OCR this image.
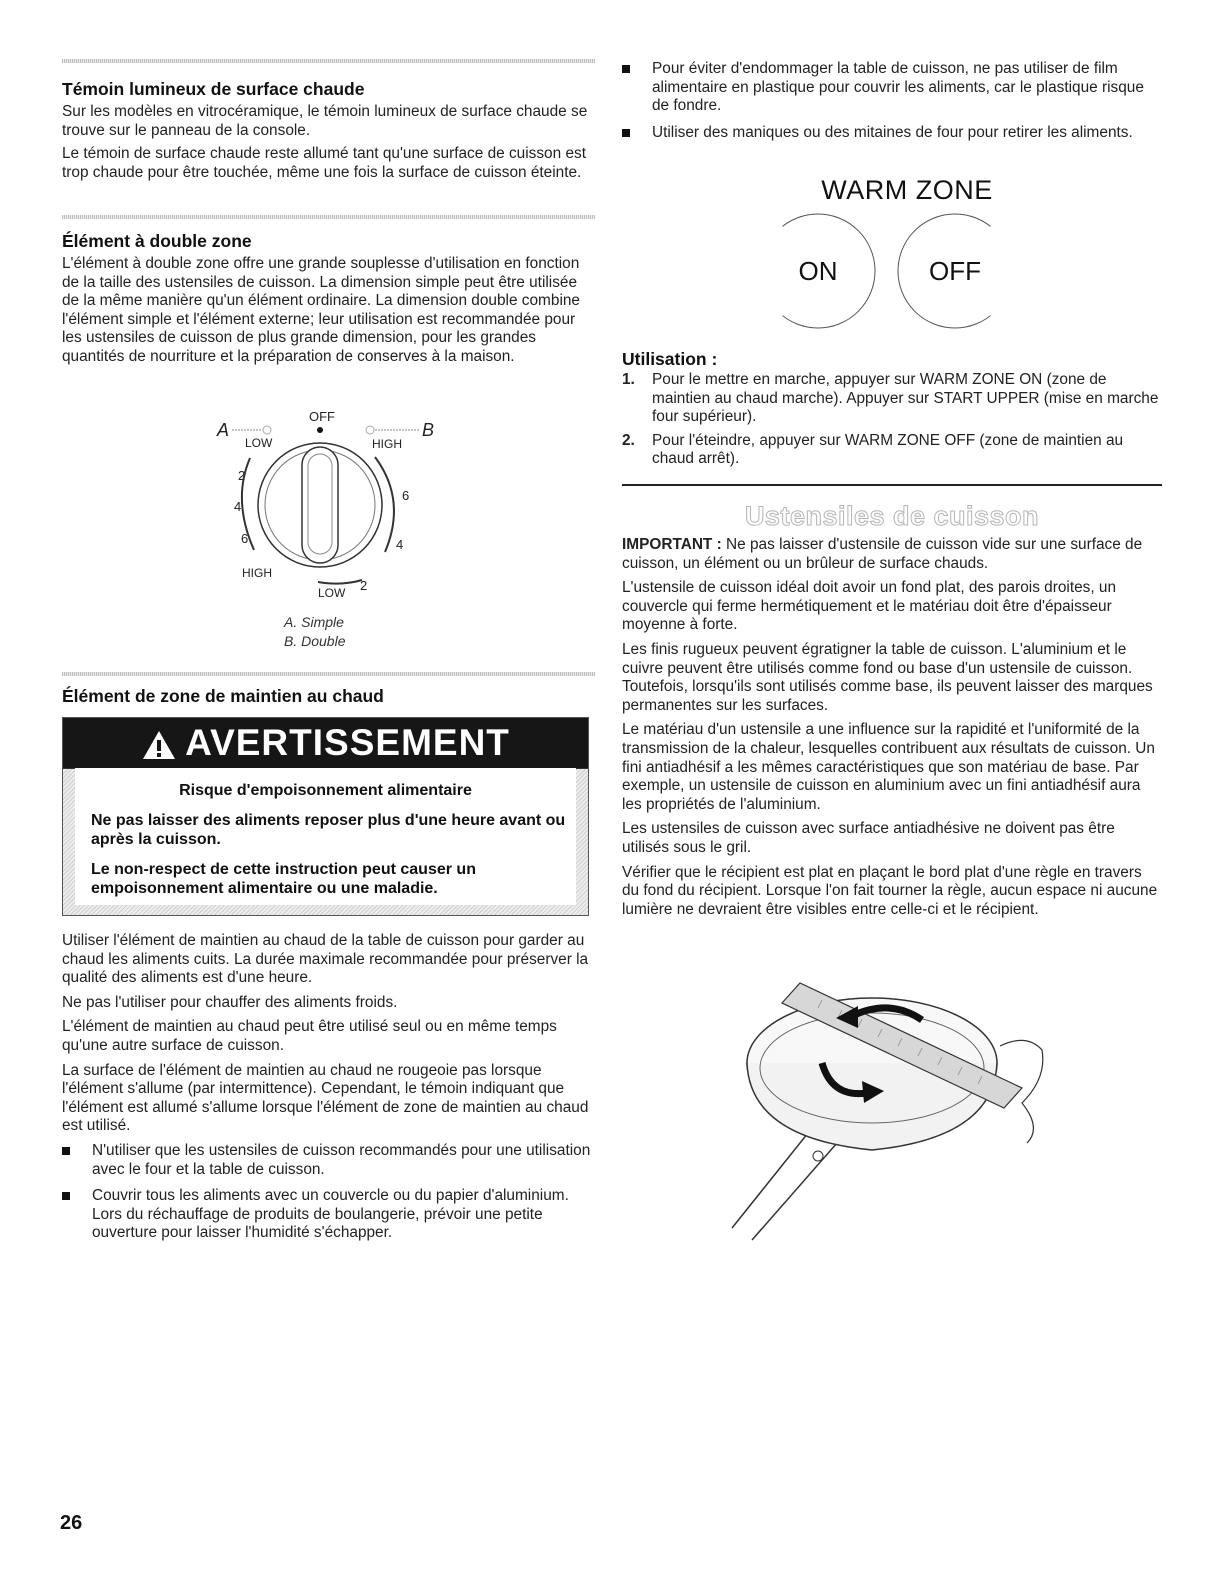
Témoin lumineux de surface chaude

Sur les modèles en vitrocéramique, le témoin lumineux de surface chaude se trouve sur le panneau de la console.

Le témoin de surface chaude reste allumé tant qu'une surface de cuisson est trop chaude pour être touchée, même une fois la surface de cuisson éteinte.

Élément à double zone

L'élément à double zone offre une grande souplesse d'utilisation en fonction de la taille des ustensiles de cuisson. La dimension simple peut être utilisée de la même manière qu'un élément ordinaire. La dimension double combine l'élément simple et l'élément externe; leur utilisation est recommandée pour les ustensiles de cuisson de plus grande dimension, pour les grandes quantités de nourriture et la préparation de conserves à la maison.

A
OFF
B
LOW	HIGH
2
4
6
6
4
2
HIGH
LOW
A. Simple
B. Double
Élément de zone de maintien au chaud
AVERTISSEMENT

Risque d'empoisonnement alimentaire

Ne pas laisser des aliments reposer plus d'une heure avant ou après la cuisson.

Le non-respect de cette instruction peut causer un empoisonnement alimentaire ou une maladie.

Utiliser l'élément de maintien au chaud de la table de cuisson pour garder au chaud les aliments cuits. La durée maximale recommandée pour préserver la qualité des aliments est d'une heure.

Ne pas l'utiliser pour chauffer des aliments froids.

L'élément de maintien au chaud peut être utilisé seul ou en même temps qu'une autre surface de cuisson.

La surface de l'élément de maintien au chaud ne rougeoie pas lorsque l'élément s'allume (par intermittence). Cependant, le témoin indiquant que l'élément est allumé s'allume lorsque l'élément de zone de maintien au chaud est utilisé.

N'utiliser que les ustensiles de cuisson recommandés pour une utilisation avec le four et la table de cuisson.

Couvrir tous les aliments avec un couvercle ou du papier d'aluminium. Lors du réchauffage de produits de boulangerie, prévoir une petite ouverture pour laisser l'humidité s'échapper.

Pour éviter d'endommager la table de cuisson, ne pas utiliser de film alimentaire en plastique pour couvrir les aliments, car le plastique risque de fondre.

Utiliser des maniques ou des mitaines de four pour retirer les aliments.

WARM ZONE
ON	OFF
Utilisation :

1. Pour le mettre en marche, appuyer sur WARM ZONE ON (zone de maintien au chaud marche). Appuyer sur START UPPER (mise en marche four supérieur).

2. Pour l'éteindre, appuyer sur WARM ZONE OFF (zone de maintien au chaud arrêt).

Ustensiles de cuisson

IMPORTANT : Ne pas laisser d'ustensile de cuisson vide sur une surface de cuisson, un élément ou un brûleur de surface chauds.

L'ustensile de cuisson idéal doit avoir un fond plat, des parois droites, un couvercle qui ferme hermétiquement et le matériau doit être d'épaisseur moyenne à forte.

Les finis rugueux peuvent égratigner la table de cuisson. L'aluminium et le cuivre peuvent être utilisés comme fond ou base d'un ustensile de cuisson. Toutefois, lorsqu'ils sont utilisés comme base, ils peuvent laisser des marques permanentes sur les surfaces.

Le matériau d'un ustensile a une influence sur la rapidité et l'uniformité de la transmission de la chaleur, lesquelles contribuent aux résultats de cuisson. Un fini antiadhésif a les mêmes caractéristiques que son matériau de base. Par exemple, un ustensile de cuisson en aluminium avec un fini antiadhésif aura les propriétés de l'aluminium.

Les ustensiles de cuisson avec surface antiadhésive ne doivent pas être utilisés sous le gril.

Vérifier que le récipient est plat en plaçant le bord plat d'une règle en travers du fond du récipient. Lorsque l'on fait tourner la règle, aucun espace ni aucune lumière ne devraient être visibles entre celle-ci et le récipient.

26
